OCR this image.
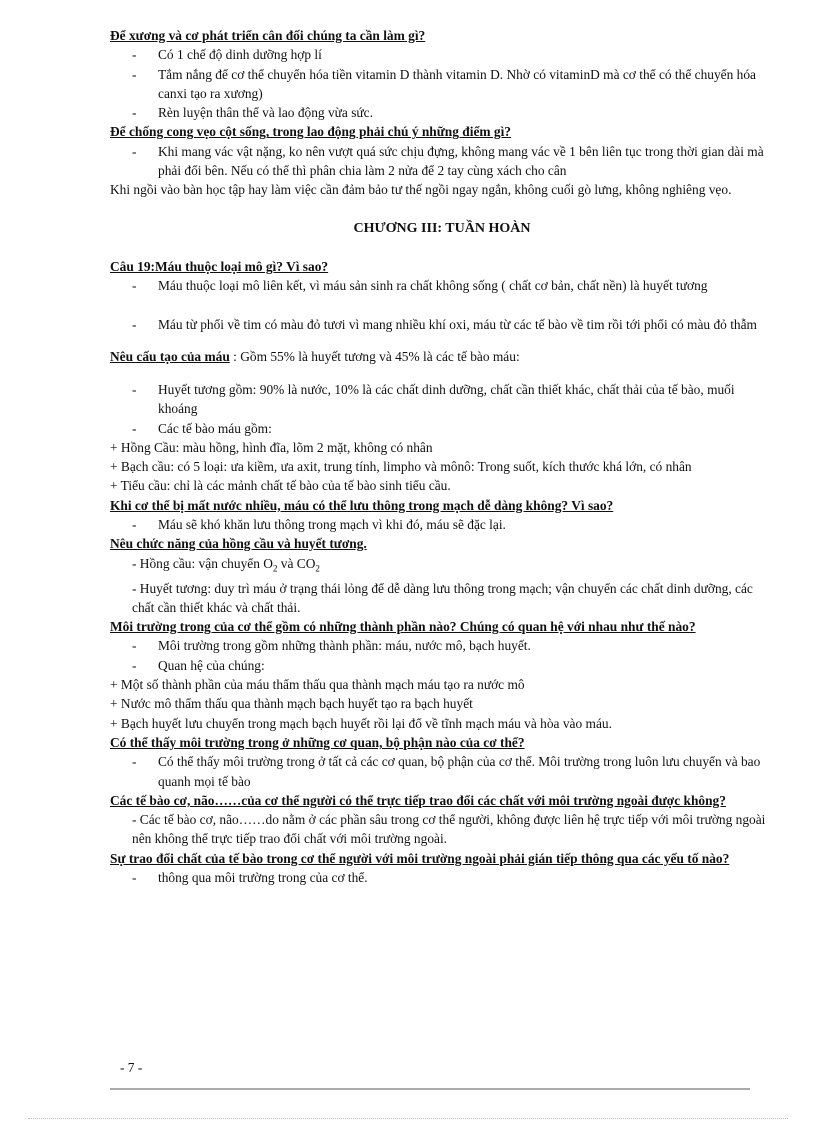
Để xương và cơ phát triển cân đối chúng ta cần làm gì?

- Có 1 chế độ dinh dưỡng hợp lí

- Tắm nắng để cơ thể chuyển hóa tiền vitamin D thành vitamin D. Nhờ có vitaminD mà cơ thể có thể chuyển hóa canxi tạo ra xương)

- Rèn luyện thân thể và lao động vừa sức.

Để chống cong vẹo cột sống, trong lao động phải chú ý những điểm gì?

- Khi mang vác vật nặng, ko nên vượt quá sức chịu đựng, không mang vác về 1 bên liên tục trong thời gian dài mà phải đổi bên. Nếu có thể thì phân chia làm 2 nửa để 2 tay cùng xách cho cân

Khi ngồi vào bàn học tập hay làm việc cần đảm bảo tư thế ngồi ngay ngắn, không cuối gò lưng, không nghiêng vẹo.

CHƯƠNG III: TUẦN HOÀN

Câu 19:Máu thuộc loại mô gì? Vì sao?

- Máu thuộc loại mô liên kết, vì máu sản sinh ra chất không sống ( chất cơ bản, chất nền) là huyết tương

- Máu từ phổi về tim có màu đỏ tươi vì mang nhiều khí oxi, máu từ các tế bào về tim rồi tới phổi có màu đỏ thẫm

Nêu cấu tạo của máu : Gồm 55% là huyết tương và 45% là các tế bào máu:

- Huyết tương gồm: 90% là nước, 10% là các chất dinh dưỡng, chất cần thiết khác, chất thải của tế bào, muối khoáng

- Các tế bào máu gồm:

+ Hồng Cầu: màu hồng, hình đĩa, lõm 2 mặt, không có nhân

+ Bạch cầu: có 5 loại: ưa kiềm, ưa axit, trung tính, limpho và mônô: Trong suốt, kích thước khá lớn, có nhân

+ Tiểu cầu: chỉ là các mảnh chất tế bào của tế bào sinh tiểu cầu.

Khi cơ thể bị mất nước nhiều, máu có thể lưu thông trong mạch dễ dàng không? Vì sao?

- Máu sẽ khó khăn lưu thông trong mạch vì khi đó, máu sẽ đặc lại.

Nêu chức năng của hồng cầu và huyết tương.

- Hồng cầu: vận chuyển $O_2$ và $CO_2$

- Huyết tương: duy trì máu ở trạng thái lỏng để dễ dàng lưu thông trong mạch; vận chuyển các chất dinh dưỡng, các chất cần thiết khác và chất thải.

Môi trường trong của cơ thể gồm có những thành phần nào? Chúng có quan hệ với nhau như thế nào?

- Môi trường trong gồm những thành phần: máu, nước mô, bạch huyết.

- Quan hệ của chúng:

+ Một số thành phần của máu thẩm thấu qua thành mạch máu tạo ra nước mô

+ Nước mô thẩm thấu qua thành mạch bạch huyết tạo ra bạch huyết

+ Bạch huyết lưu chuyển trong mạch bạch huyết rồi lại đổ về tĩnh mạch máu và hòa vào máu.

Có thể thấy môi trường trong ở những cơ quan, bộ phận nào của cơ thể?

- Có thể thấy môi trường trong ở tất cả các cơ quan, bộ phận của cơ thể. Môi trường trong luôn lưu chuyển và bao quanh mọi tế bào

Các tế bào cơ, não……của cơ thể người có thể trực tiếp trao đổi các chất với môi trường ngoài được không?

- Các tế bào cơ, não……do nằm ở các phần sâu trong cơ thể người, không được liên hệ trực tiếp với môi trường ngoài nên không thể trực tiếp trao đổi chất với môi trường ngoài.

Sự trao đổi chất của tế bào trong cơ thể người với môi trường ngoài phải gián tiếp thông qua các yếu tố nào?

- thông qua môi trường trong của cơ thể.

- 7 -
